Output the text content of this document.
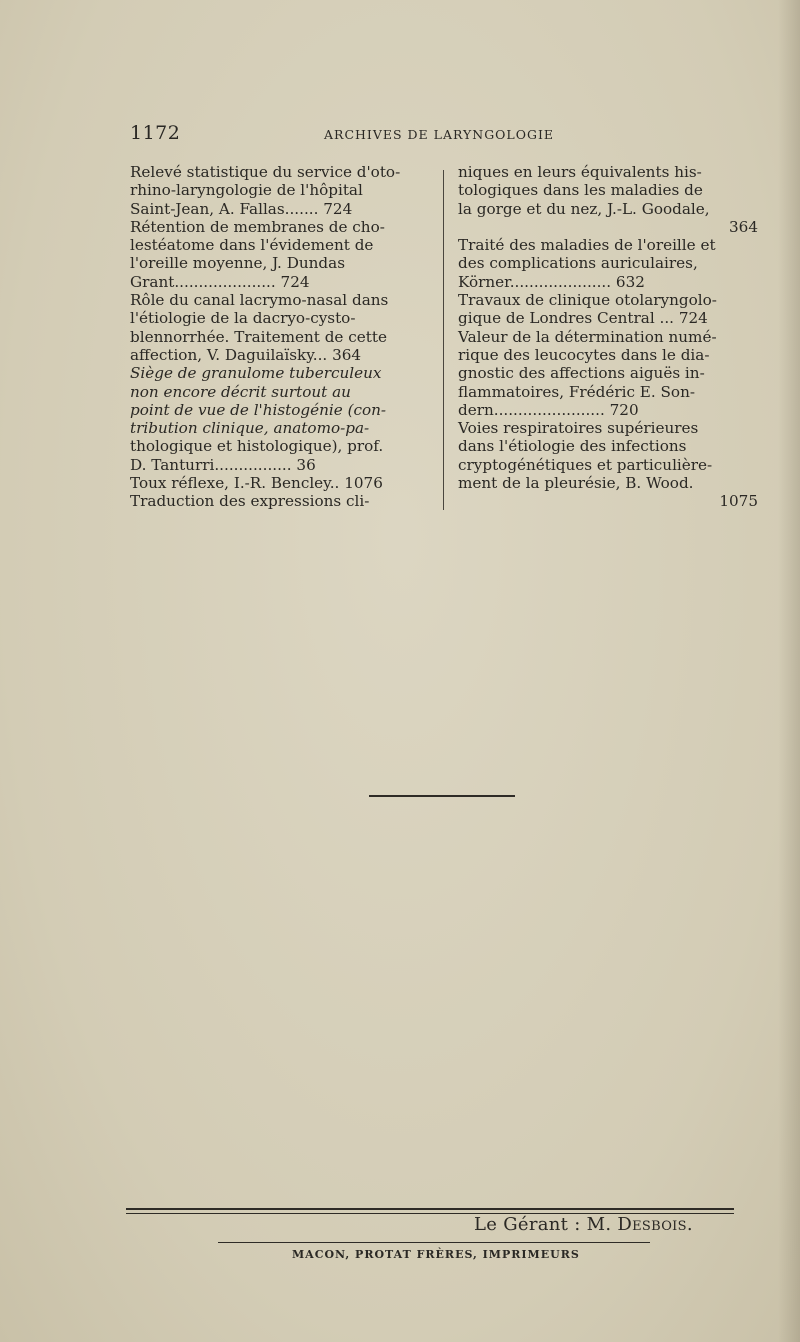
1172	ARCHIVES DE LARYNGOLOGIE

Relevé statistique du service d'oto-
rhino-laryngologie de l'hôpital
Saint-Jean, A. Fallas....... 724

Rétention de membranes de cho-
lestéatome dans l'évidement de
l'oreille moyenne, J. Dundas
Grant..................... 724

Rôle du canal lacrymo-nasal dans
l'étiologie de la dacryo-cysto-
blennorrhée. Traitement de cette
affection, V. Daguilaïsky... 364

Siège de granulome tuberculeux
non encore décrit surtout au
point de vue de l'histogénie (con-
tribution clinique, anatomo-pa-
thologique et histologique), prof.
D. Tanturri................ 36

Toux réflexe, I.-R. Bencley.. 1076

Traduction des expressions cli-

niques en leurs équivalents his-
tologiques dans les maladies de
la gorge et du nez, J.-L. Goodale,
364

Traité des maladies de l'oreille et
des complications auriculaires,
Körner..................... 632

Travaux de clinique otolaryngolo-
gique de Londres Central ... 724

Valeur de la détermination numé-
rique des leucocytes dans le dia-
gnostic des affections aiguës in-
flammatoires, Frédéric E. Son-
dern....................... 720

Voies respiratoires supérieures
dans l'étiologie des infections
cryptogénétiques et particulière-
ment de la pleurésie, B. Wood.
1075

Le Gérant : M. Desbois.
MACON, PROTAT FRÈRES, IMPRIMEURS
